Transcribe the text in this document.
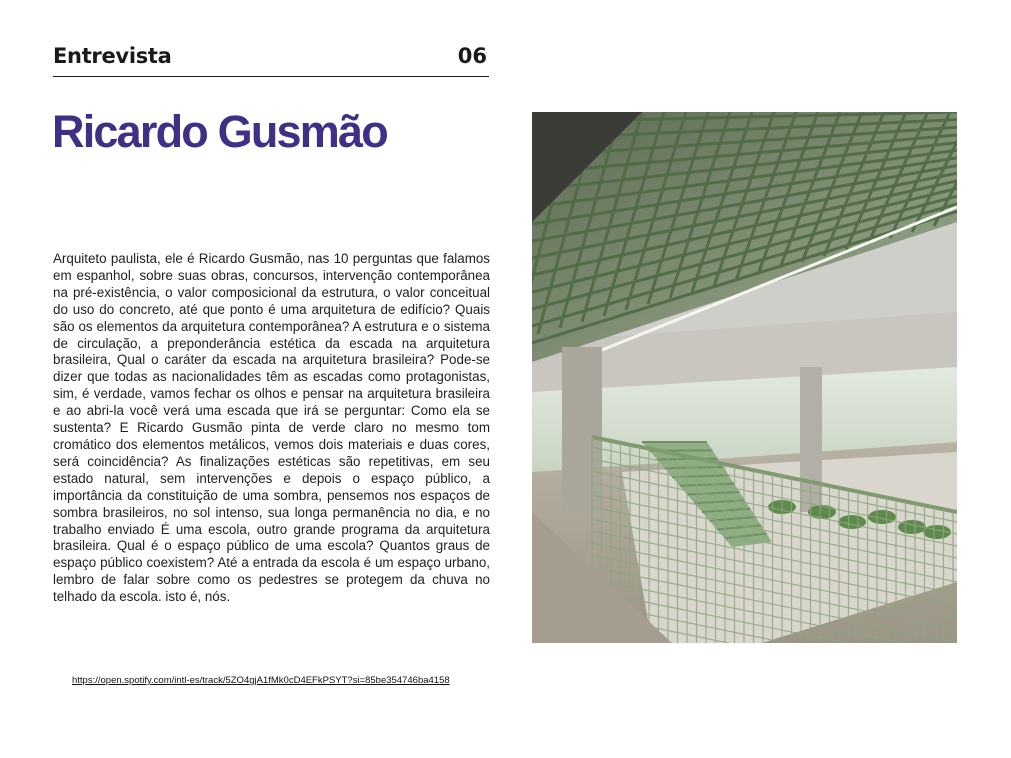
Entrevista	06
Ricardo Gusmão

Arquiteto paulista, ele é Ricardo Gusmão, nas 10 perguntas que falamos em espanhol, sobre suas obras, concursos, intervenção contemporânea na pré-existência, o valor composicional da estrutura, o valor conceitual do uso do concreto, até que ponto é uma arquitetura de edifício? Quais são os elementos da arquitetura contemporânea? A estrutura e o sistema de circulação, a preponderância estética da escada na arquitetura brasileira, Qual o caráter da escada na arquitetura brasileira? Pode-se dizer que todas as nacionalidades têm as escadas como protagonistas, sim, é verdade, vamos fechar os olhos e pensar na arquitetura brasileira e ao abri-la você verá uma escada que irá se perguntar: Como ela se sustenta? E Ricardo Gusmão pinta de verde claro no mesmo tom cromático dos elementos metálicos, vemos dois materiais e duas cores, será coincidência? As finalizações estéticas são repetitivas, em seu estado natural, sem intervenções e depois o espaço público, a importância da constituição de uma sombra, pensemos nos espaços de sombra brasileiros, no sol intenso, sua longa permanência no dia, e no trabalho enviado É uma escola, outro grande programa da arquitetura brasileira. Qual é o espaço público de uma escola? Quantos graus de espaço público coexistem? Até a entrada da escola é um espaço urbano, lembro de falar sobre como os pedestres se protegem da chuva no telhado da escola. isto é, nós.

https://open.spotify.com/intl-es/track/5ZO4gjA1fMk0cD4EFkPSYT?si=85be354746ba4158
